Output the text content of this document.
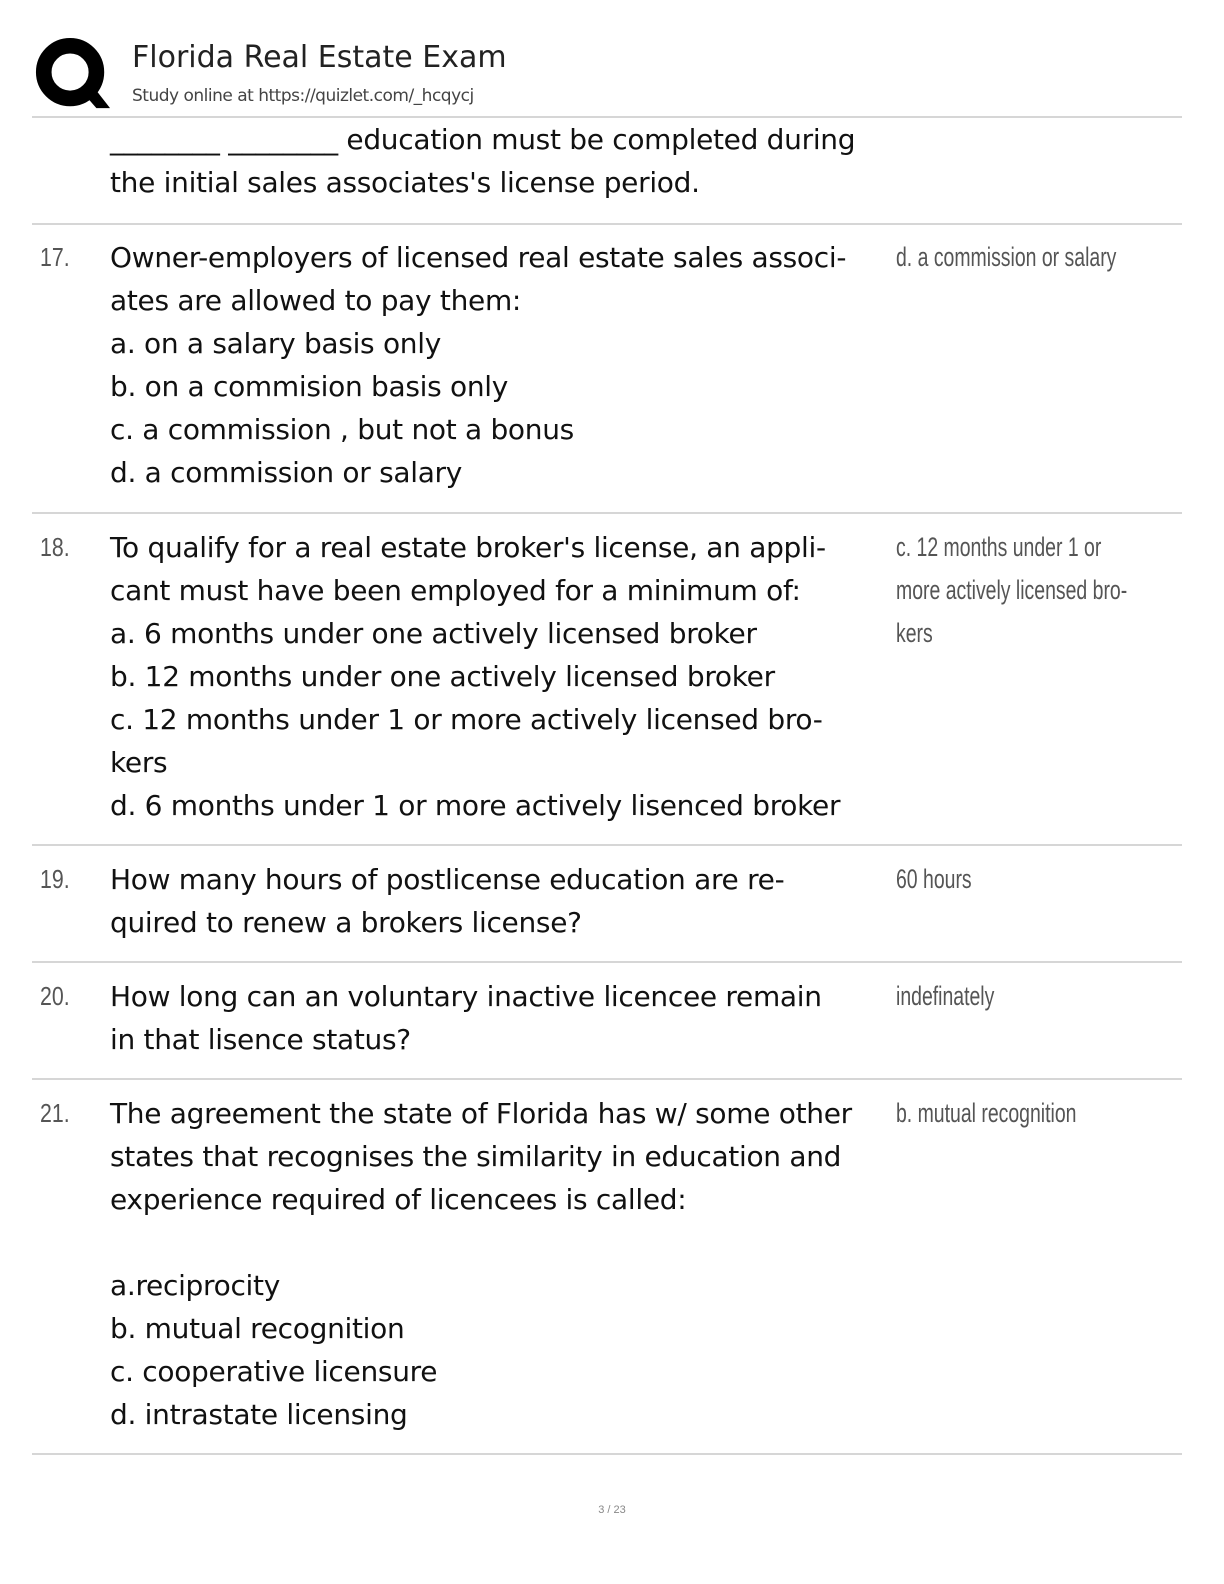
Florida Real Estate Exam
Study online at https://quizlet.com/_hcqycj
________ ________ education must be completed during
the initial sales associates's license period.
17. Owner-employers of licensed real estate sales associ-
ates are allowed to pay them:
a. on a salary basis only
b. on a commision basis only
c. a commission , but not a bonus
d. a commission or salary
d. a commission or salary
18. To qualify for a real estate broker's license, an appli-
cant must have been employed for a minimum of:
a. 6 months under one actively licensed broker
b. 12 months under one actively licensed broker
c. 12 months under 1 or more actively licensed bro-
kers
d. 6 months under 1 or more actively lisenced broker
c. 12 months under 1 or
more actively licensed bro-
kers
19. How many hours of postlicense education are re-
quired to renew a brokers license?
60 hours
20. How long can an voluntary inactive licencee remain
in that lisence status?
indefinately
21. The agreement the state of Florida has w/ some other
states that recognises the similarity in education and
experience required of licencees is called:

a.reciprocity
b. mutual recognition
c. cooperative licensure
d. intrastate licensing
b. mutual recognition
3 / 23
